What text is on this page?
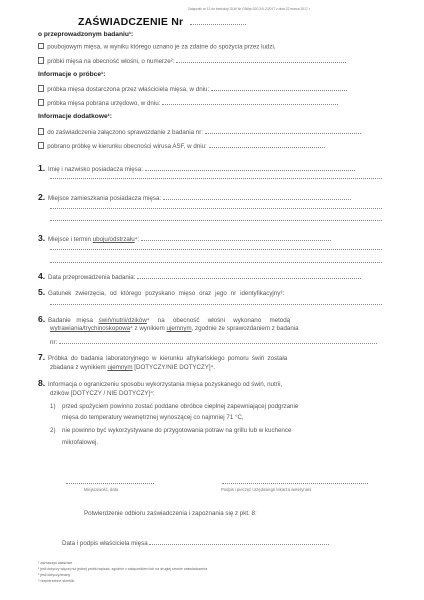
Załącznik nr 13 do instrukcji GLW Nr GIWpr-020-2/0-2/2017 z dnia 22 marca 2017 r.
ZAŚWIADCZENIE Nr
o przeprowadzonym badaniu¹:
poubojowym mięsa, w wyniku którego uznano je za zdatne do spożycia przez ludzi,
próbki mięsa na obecność włośni, o numerze²:
Informacje o próbce¹:
próbka mięsa dostarczona przez właściciela mięsa, w dniu:
próbka mięsa pobrana urzędowo, w dniu:
Informacje dodatkowe¹:
do zaświadczenia załączono sprawozdanie z badania nr:
pobrano próbkę w kierunku obecności wirusa ASF, w dniu:
1. Imię i nazwisko posiadacza mięsa:
2. Miejsce zamieszkania posiadacza mięsa:
3. Miejsce i termin uboju/odstrzału⁴:
4. Data przeprowadzenia badania:
5. Gatunek zwierzęcia, od którego pozyskano mięso oraz jego nr identyfikacyjny³:
6. Badanie mięsa świń/nutrii/dzików⁴ na obecność włośni wykonano metodą
wytrawiania/trychinoskopowa⁴ z wynikiem ujemnym, zgodnie ze sprawozdaniem z badania
nr:
7. Próbka do badania laboratoryjnego w kierunku afrykańskiego pomoru świń została
zbadana z wynikiem ujemnym [DOTYCZY/NIE DOTYCZY]⁴.
8. Informacja o ograniczeniu sposobu wykorzystania mięsa pozyskanego od świń, nutrii,
dzików [DOTYCZY / NIE DOTYCZY]⁴:
1) przed spożyciem powinno zostać poddane obróbce cieplnej zapewniającej podgrzanie
mięsa do temperatury wewnętrznej wynoszącej co najmniej 71 °C,
2) nie powinno być wykorzystywane do przygotowania potraw na grillu lub w kuchence
mikrofalowej.
Miejscowość, data	Podpis i pieczęć urzędowego lekarza weterynarii
Potwierdzenie odbioru zaświadczenia i zapoznania się z pkt. 8:
Data i podpis właściciela mięsa
¹ zaznaczyć właściwe
² jeśli dotyczy więcej niż jednej próbki wpisać, zgodnie z załącznikiem lub na drugiej stronie zaświadczenia
³ jeśli dotyczy/znany
⁴ niepotrzebne skreślić
